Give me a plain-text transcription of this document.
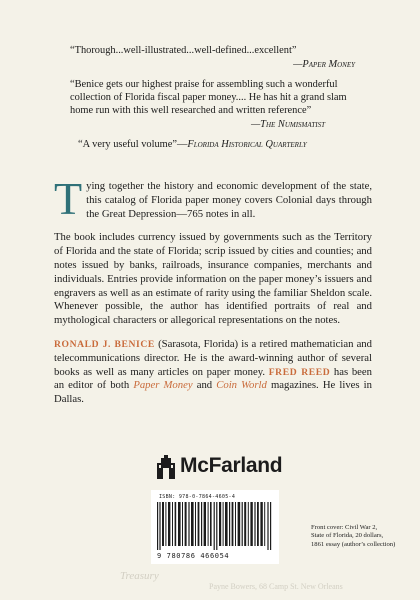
“Thorough...well-illustrated...well-defined...excellent”

—Paper Money

“Benice gets our highest praise for assembling such a wonderful collection of Florida fiscal paper money.... He has hit a grand slam home run with this well researched and written reference”

—The Numismatist

“A very useful volume”—Florida Historical Quarterly

Tying together the history and economic development of the state, this catalog of Florida paper money covers Colonial days through the Great Depression—765 notes in all.

The book includes currency issued by governments such as the Territory of Florida and the state of Florida; scrip issued by cities and counties; and notes issued by banks, railroads, insurance companies, merchants and individuals. Entries provide information on the paper money’s issuers and engravers as well as an estimate of rarity using the familiar Sheldon scale. Whenever possible, the author has identified portraits of real and mythological characters or allegorical representations on the notes.

RONALD J. BENICE (Sarasota, Florida) is a retired mathematician and telecommunications director. He is the award-winning author of several books as well as many articles on paper money. FRED REED has been an editor of both Paper Money and Coin World magazines. He lives in Dallas.

McFarland
ISBN: 978-0-7864-4605-4
9 780786 466054
Front cover: Civil War 2,
State of Florida, 20 dollars,
1861 essay (author’s collection)
Treasury
Payne Bowers, 68 Camp St. New Orleans
